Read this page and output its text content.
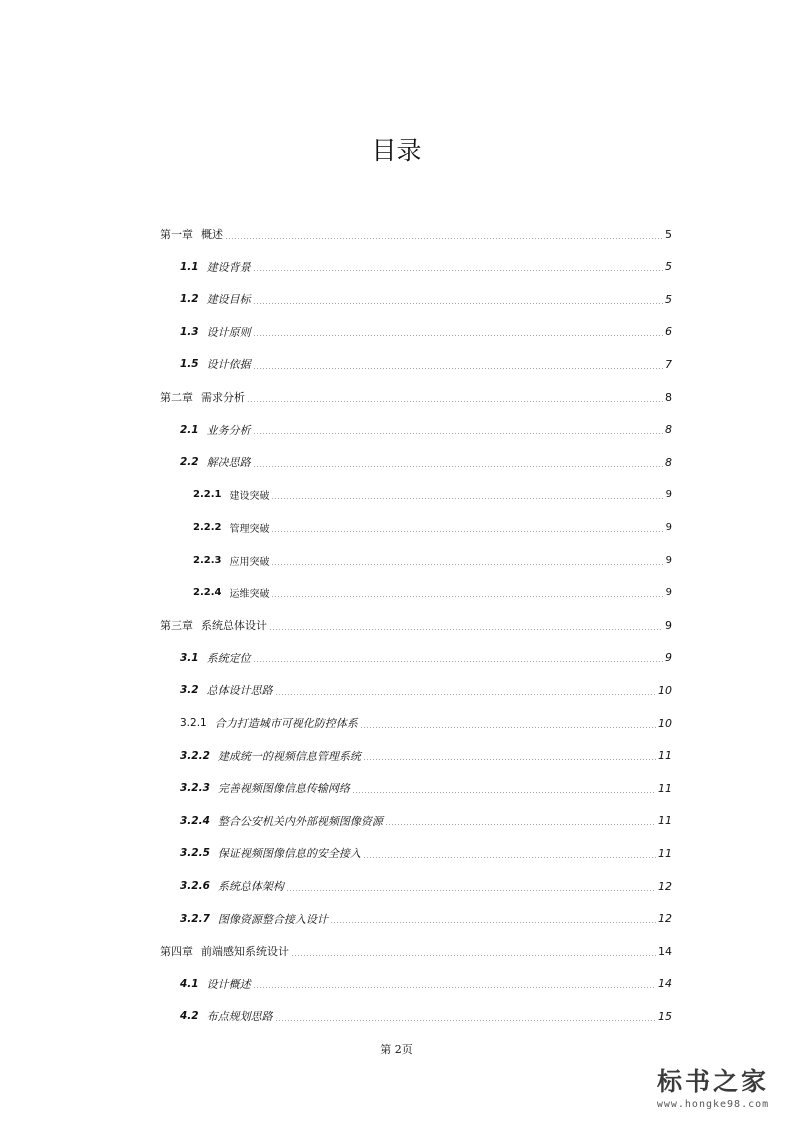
目录
第一章 概述	5
1.1 建设背景	5
1.2 建设目标	5
1.3 设计原则	6
1.5 设计依据	7
第二章 需求分析	8
2.1 业务分析	8
2.2 解决思路	8
2.2.1 建设突破	9
2.2.2 管理突破	9
2.2.3 应用突破	9
2.2.4 运维突破	9
第三章 系统总体设计	9
3.1 系统定位	9
3.2 总体设计思路	10
3.2.1 合力打造城市可视化防控体系	10
3.2.2 建成统一的视频信息管理系统	11
3.2.3 完善视频图像信息传输网络	11
3.2.4 整合公安机关内外部视频图像资源	11
3.2.5 保证视频图像信息的安全接入	11
3.2.6 系统总体架构	12
3.2.7 图像资源整合接入设计	12
第四章 前端感知系统设计	14
4.1 设计概述	14
4.2 布点规划思路	15
第 2页
标书之家
www.hongke98.com
